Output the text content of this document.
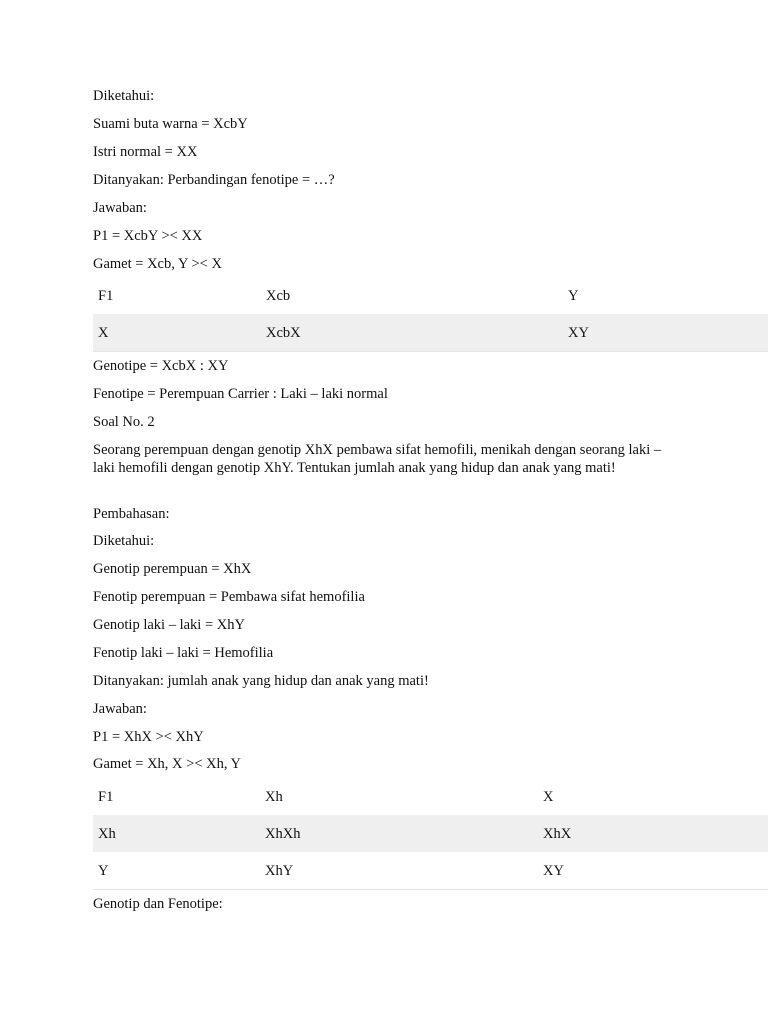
Diketahui:
Suami buta warna = XcbY
Istri normal = XX
Ditanyakan: Perbandingan fenotipe = …?
Jawaban:
P1 = XcbY >< XX
Gamet = Xcb, Y >< X
F1	Xcb	Y
X	XcbX	XY
Genotipe = XcbX : XY
Fenotipe = Perempuan Carrier : Laki – laki normal
Soal No. 2
Seorang perempuan dengan genotip XhX pembawa sifat hemofili, menikah dengan seorang laki – laki hemofili dengan genotip XhY. Tentukan jumlah anak yang hidup dan anak yang mati!
Pembahasan:
Diketahui:
Genotip perempuan = XhX
Fenotip perempuan = Pembawa sifat hemofilia
Genotip laki – laki = XhY
Fenotip laki – laki = Hemofilia
Ditanyakan: jumlah anak yang hidup dan anak yang mati!
Jawaban:
P1 = XhX >< XhY
Gamet = Xh, X >< Xh, Y
F1	Xh	X
Xh	XhXh	XhX
Y	XhY	XY
Genotip dan Fenotipe:
